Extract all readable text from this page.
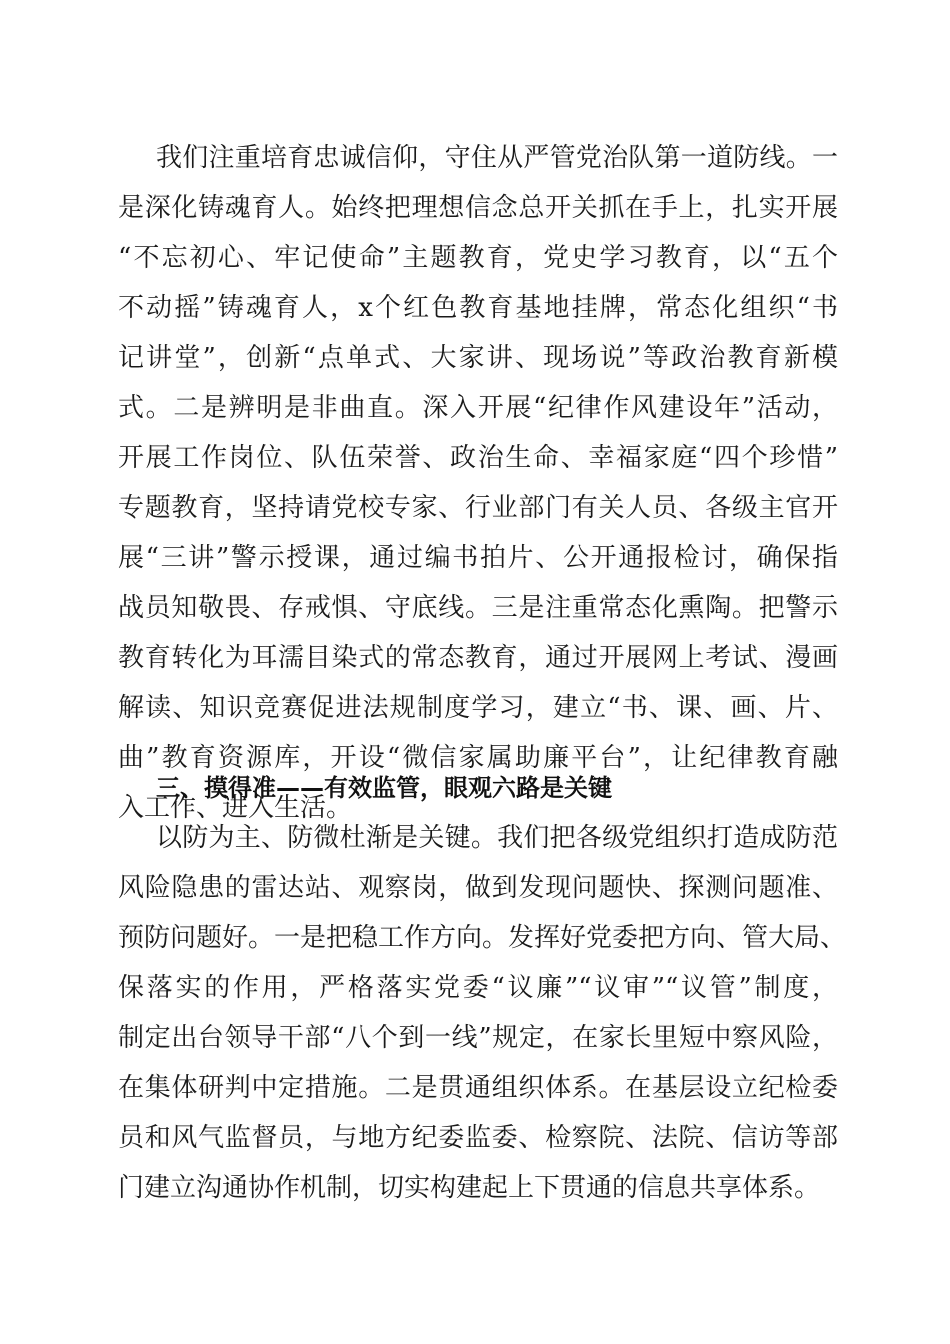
我们注重培育忠诚信仰，守住从严管党治队第一道防线。一
是深化铸魂育人。始终把理想信念总开关抓在手上，扎实开展
“不忘初心、牢记使命”主题教育，党史学习教育，以“五个
不动摇”铸魂育人，x个红色教育基地挂牌，常态化组织“书
记讲堂”，创新“点单式、大家讲、现场说”等政治教育新模
式。二是辨明是非曲直。深入开展“纪律作风建设年”活动，
开展工作岗位、队伍荣誉、政治生命、幸福家庭“四个珍惜”
专题教育，坚持请党校专家、行业部门有关人员、各级主官开
展“三讲”警示授课，通过编书拍片、公开通报检讨，确保指
战员知敬畏、存戒惧、守底线。三是注重常态化熏陶。把警示
教育转化为耳濡目染式的常态教育，通过开展网上考试、漫画
解读、知识竞赛促进法规制度学习，建立“书、课、画、片、
曲”教育资源库，开设“微信家属助廉平台”，让纪律教育融
入工作、进入生活。
三、摸得准——有效监管，眼观六路是关键
以防为主、防微杜渐是关键。我们把各级党组织打造成防范
风险隐患的雷达站、观察岗，做到发现问题快、探测问题准、
预防问题好。一是把稳工作方向。发挥好党委把方向、管大局、
保落实的作用，严格落实党委“议廉”“议审”“议管”制度，
制定出台领导干部“八个到一线”规定，在家长里短中察风险，
在集体研判中定措施。二是贯通组织体系。在基层设立纪检委
员和风气监督员，与地方纪委监委、检察院、法院、信访等部
门建立沟通协作机制，切实构建起上下贯通的信息共享体系。
